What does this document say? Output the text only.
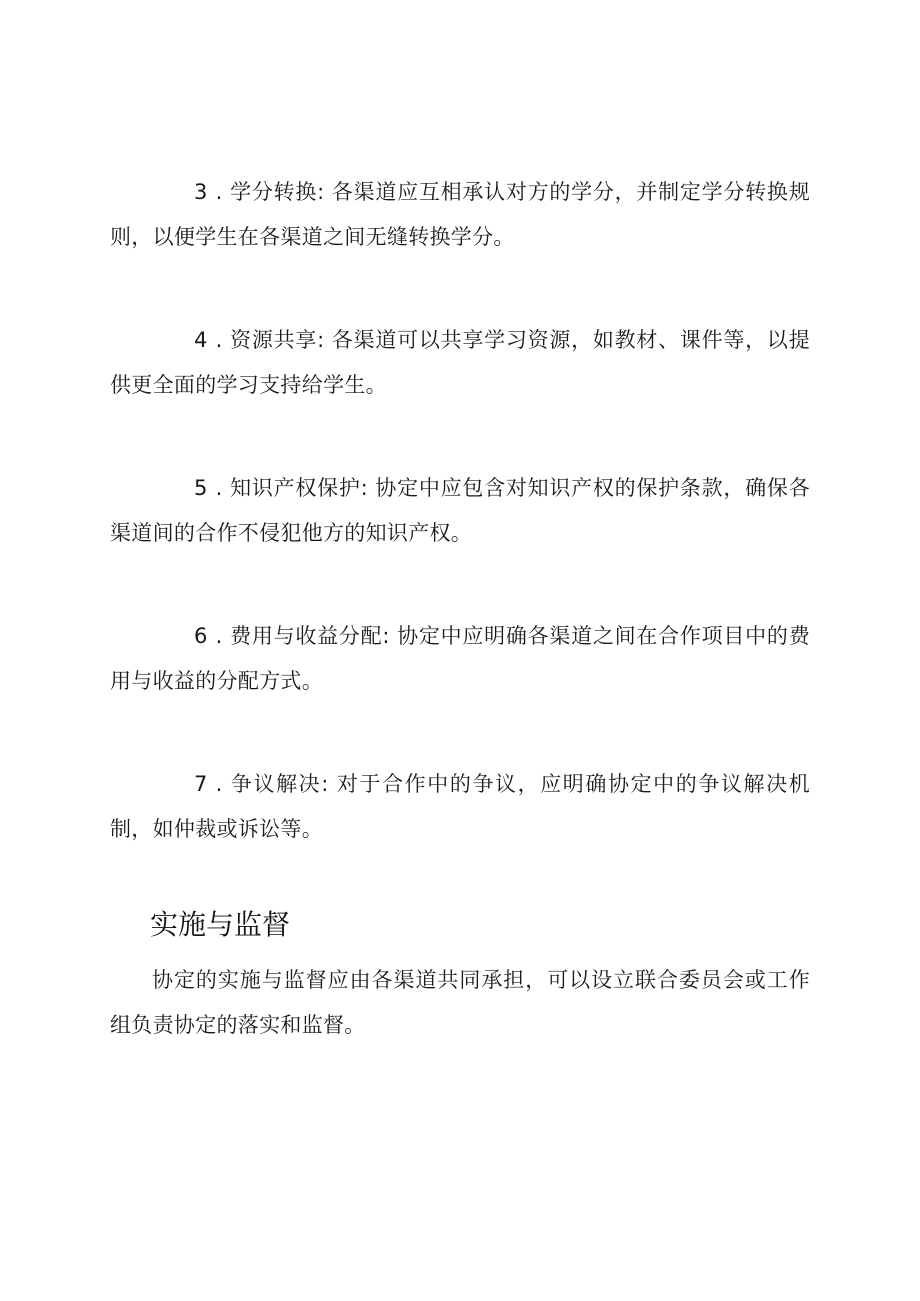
3 . 学分转换: 各渠道应互相承认对方的学分，并制定学分转换规则，以便学生在各渠道之间无缝转换学分。

4 . 资源共享: 各渠道可以共享学习资源，如教材、课件等，以提供更全面的学习支持给学生。

5 . 知识产权保护: 协定中应包含对知识产权的保护条款，确保各渠道间的合作不侵犯他方的知识产权。

6 . 费用与收益分配: 协定中应明确各渠道之间在合作项目中的费用与收益的分配方式。

7 . 争议解决: 对于合作中的争议，应明确协定中的争议解决机制，如仲裁或诉讼等。

实施与监督

协定的实施与监督应由各渠道共同承担，可以设立联合委员会或工作组负责协定的落实和监督。
